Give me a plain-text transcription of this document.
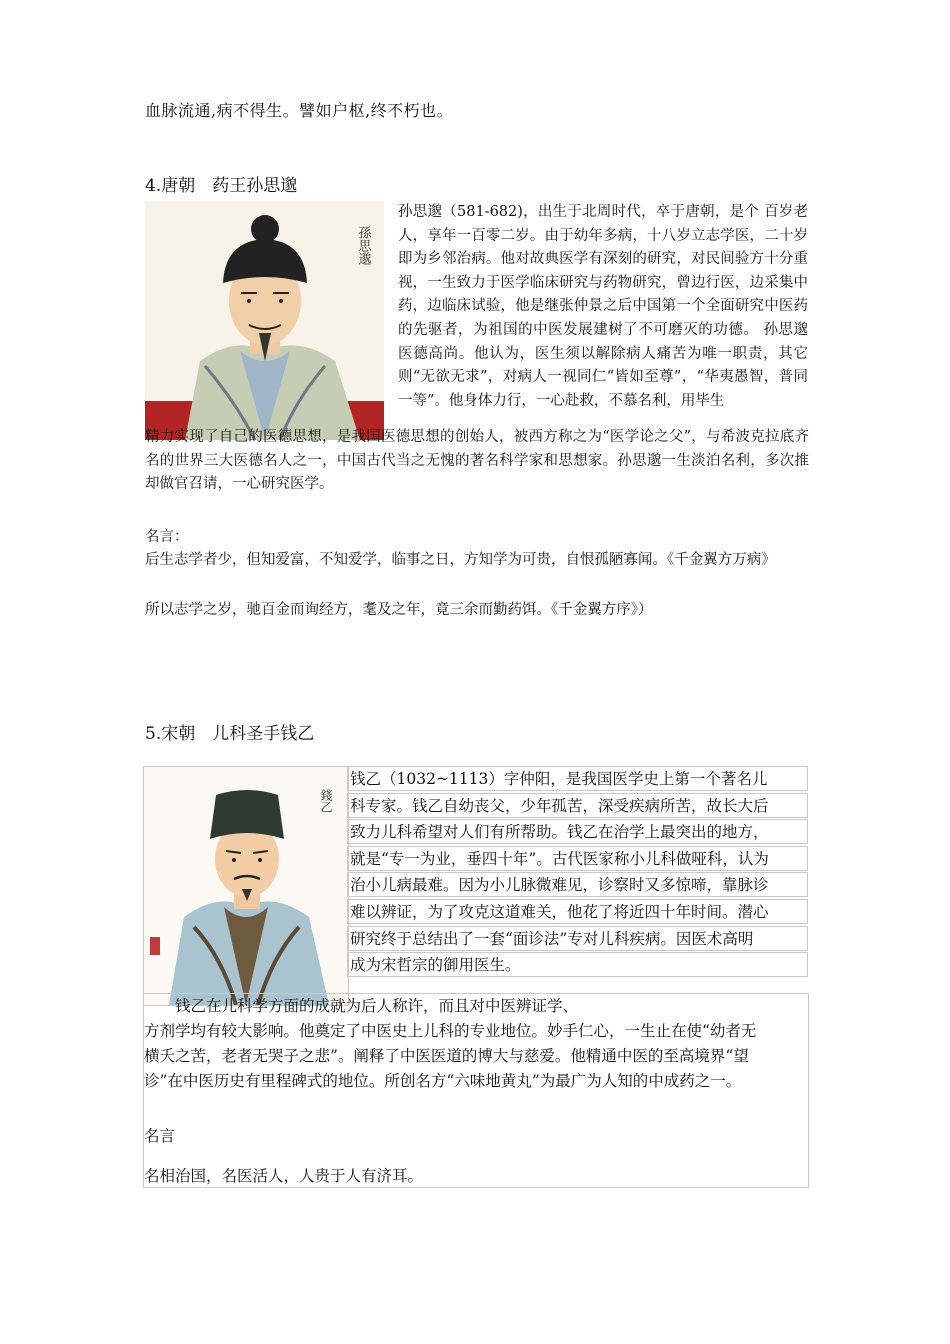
血脉流通,病不得生。譬如户枢,终不朽也。
4.唐朝　药王孙思邈
孫思邈
孙思邈（581-682)，出生于北周时代，卒于唐朝，是个 百岁老人，享年一百零二岁。由于幼年多病，十八岁立志学医，二十岁即为乡邻治病。他对故典医学有深刻的研究，对民间验方十分重视，一生致力于医学临床研究与药物研究，曾边行医，边采集中药，边临床试验，他是继张仲景之后中国第一个全面研究中医药的先驱者，为祖国的中医发展建树了不可磨灭的功德。 孙思邈医德高尚。他认为，医生须以解除病人痛苦为唯一职责，其它则“无欲无求”，对病人一视同仁“皆如至尊”，“华夷愚智，普同一等”。他身体力行，一心赴救，不慕名利，用毕生
精力实现了自己的医德思想，是我国医德思想的创始人，被西方称之为“医学论之父”，与希波克拉底齐名的世界三大医德名人之一，中国古代当之无愧的著名科学家和思想家。孙思邈一生淡泊名利，多次推却做官召请，一心研究医学。
名言：
后生志学者少，但知爱富，不知爱学，临事之日，方知学为可贵，自恨孤陋寡闻。《千金翼方万病》
所以志学之岁，驰百金而询经方，耄及之年，竟三余而勤药饵。《千金翼方序》）
5.宋朝　儿科圣手钱乙
錢乙
　　钱乙在儿科学方面的成就为后人称许，而且对中医辨证学、
方剂学均有较大影响。他奠定了中医史上儿科的专业地位。妙手仁心，一生止在使“幼者无
横夭之苦，老者无哭子之悲”。阐释了中医医道的博大与慈爱。他精通中医的至高境界“望
诊”在中医历史有里程碑式的地位。所创名方“六味地黄丸”为最广为人知的中成药之一。
名言
名相治国，名医活人，人贵于人有济耳。
钱乙（1032~1113）字仲阳，是我国医学史上第一个著名儿
科专家。钱乙自幼丧父，少年孤苦，深受疾病所苦，故长大后
致力儿科希望对人们有所帮助。钱乙在治学上最突出的地方，
就是“专一为业，垂四十年”。古代医家称小儿科做哑科，认为
治小儿病最难。因为小儿脉微难见，诊察时又多惊啼，靠脉诊
难以辨证，为了攻克这道难关，他花了将近四十年时间。潜心
研究终于总结出了一套“面诊法”专对儿科疾病。因医术高明
成为宋哲宗的御用医生。
